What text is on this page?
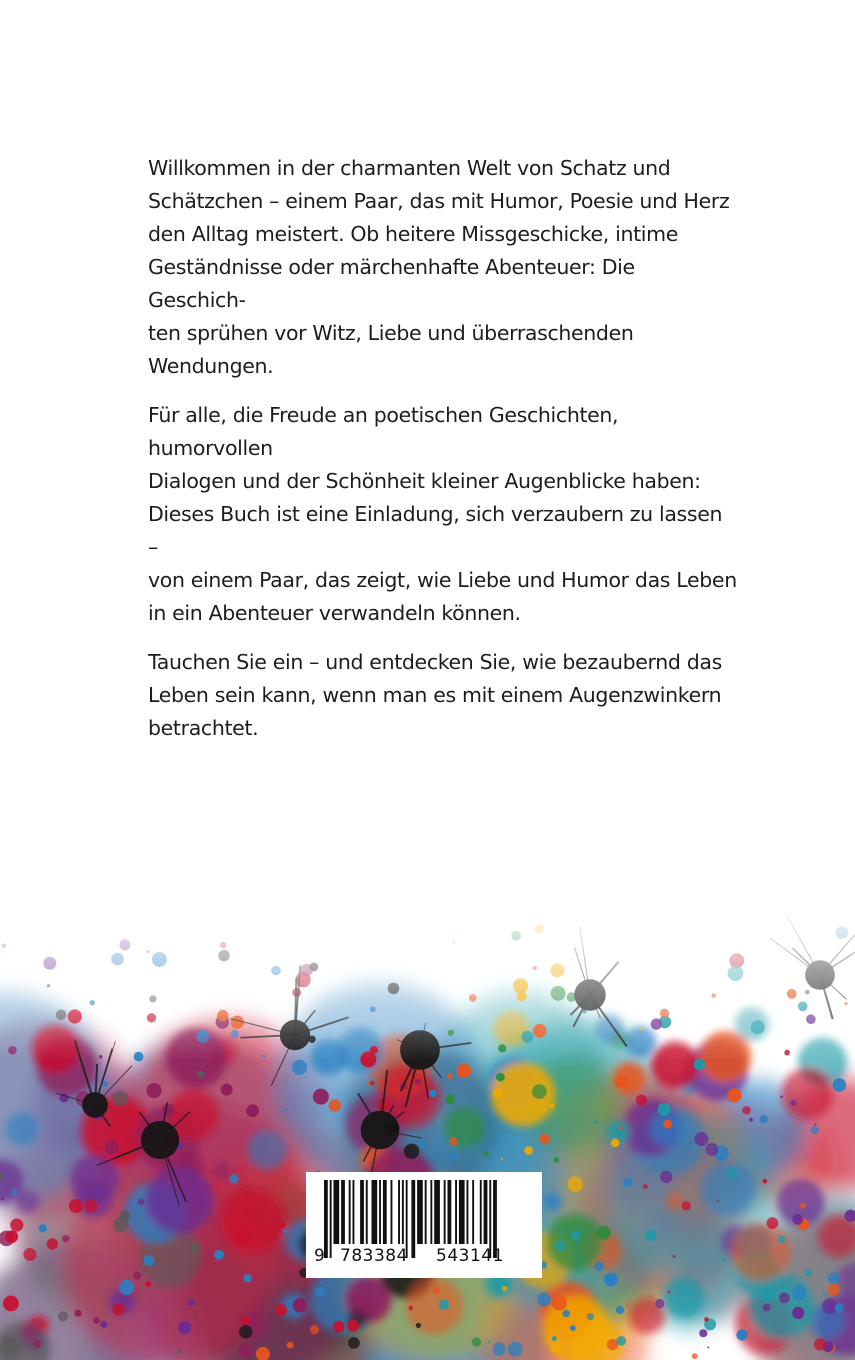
Willkommen in der charmanten Welt von Schatz und
Schätzchen – einem Paar, das mit Humor, Poesie und Herz
den Alltag meistert. Ob heitere Missgeschicke, intime
Geständnisse oder märchenhafte Abenteuer: Die Geschich-
ten sprühen vor Witz, Liebe und überraschenden
Wendungen.

Für alle, die Freude an poetischen Geschichten, humorvollen
Dialogen und der Schönheit kleiner Augenblicke haben:
Dieses Buch ist eine Einladung, sich verzaubern zu lassen –
von einem Paar, das zeigt, wie Liebe und Humor das Leben
in ein Abenteuer verwandeln können.

Tauchen Sie ein – und entdecken Sie, wie bezaubernd das
Leben sein kann, wenn man es mit einem Augenzwinkern
betrachtet.

9 783384 543141
